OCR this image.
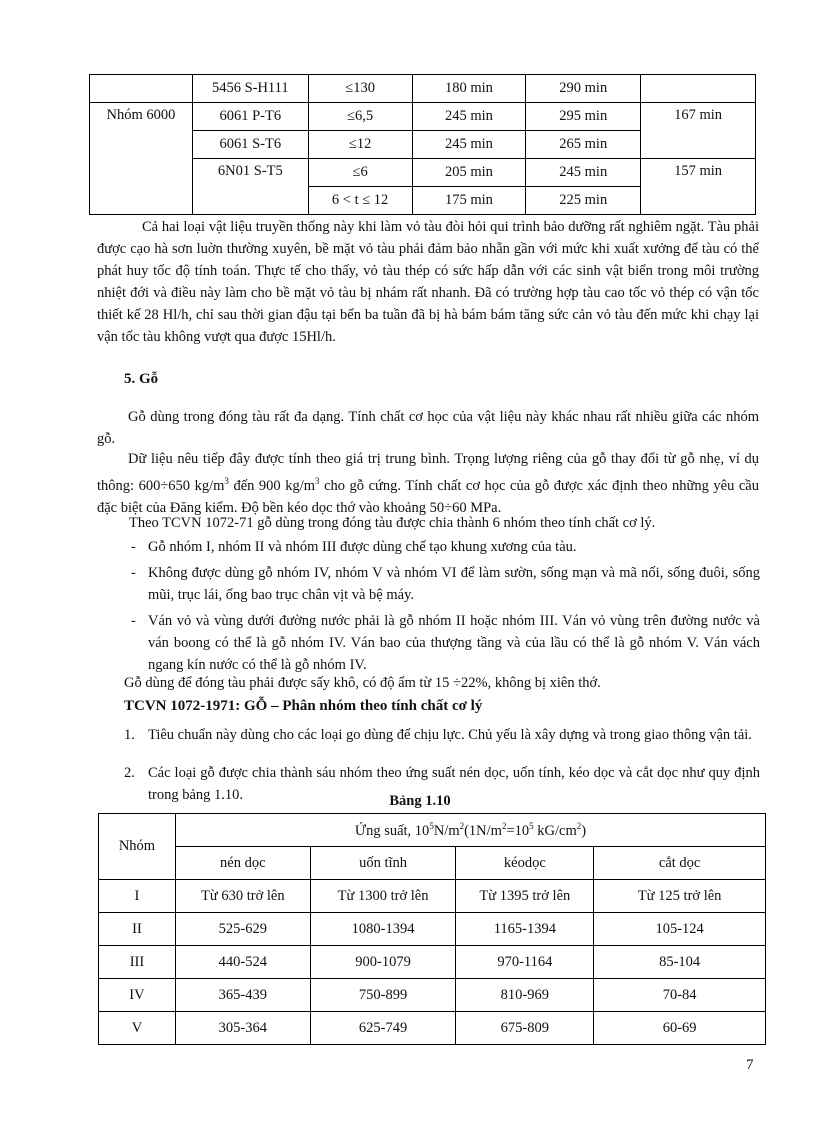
	5456 S-H111	≤130	180 min	290 min	
Nhóm 6000	6061 P-T6	≤6,5	245 min	295 min	167 min
	6061 S-T6	≤12	245 min	265 min	
	6N01 S-T5	≤6	205 min	245 min	157 min
		6 < t ≤ 12	175 min	225 min	

Cả hai loại vật liệu truyền thống này khi làm vỏ tàu đòi hỏi qui trình bảo dưỡng rất nghiêm ngặt. Tàu phải được cạo hà sơn luờn thường xuyên, bề mặt vỏ tàu phải đảm bảo nhẵn gần với mức khi xuất xưởng để tàu có thể phát huy tốc độ tính toán. Thực tế cho thấy, vỏ tàu thép có sức hấp dẫn với các sinh vật biển trong môi trường nhiệt đới và điều này làm cho bề mặt vỏ tàu bị nhám rất nhanh. Đã có trường hợp tàu cao tốc vỏ thép có vận tốc thiết kế 28 Hl/h, chỉ sau thời gian đậu tại bến ba tuần đã bị hà bám bám tăng sức cản vỏ tàu đến mức khi chạy lại vận tốc tàu không vượt qua được 15Hl/h.

5. Gỗ

Gỗ dùng trong đóng tàu rất đa dạng. Tính chất cơ học của vật liệu này khác nhau rất nhiều giữa các nhóm gỗ.

Dữ liệu nêu tiếp đây được tính theo giá trị trung bình. Trọng lượng riêng của gỗ thay đổi từ gỗ nhẹ, ví dụ thông: 600÷650 $kg/m^3$ đến 900 $kg/m^3$ cho gỗ cứng. Tính chất cơ học của gỗ được xác định theo những yêu cầu đặc biệt của Đăng kiểm. Độ bền kéo dọc thớ vào khoảng 50÷60 MPa.

Theo TCVN 1072-71 gỗ dùng trong đóng tàu được chia thành 6 nhóm theo tính chất cơ lý.

- Gỗ nhóm I, nhóm II và nhóm III được dùng chế tạo khung xương của tàu.

- Không được dùng gỗ nhóm IV, nhóm V và nhóm VI để làm sườn, sống mạn và mã nối, sống đuôi, sống mũi, trục lái, ống bao trục chân vịt và bệ máy.

- Ván vỏ và vùng dưới đường nước phải là gỗ nhóm II hoặc nhóm III. Ván vỏ vùng trên đường nước và ván boong có thể là gỗ nhóm IV. Ván bao của thượng tầng và của lầu có thể là gỗ nhóm V. Ván vách ngang kín nước có thể là gỗ nhóm IV.

Gỗ dùng để đóng tàu phải được sấy khô, có độ ẩm từ 15 ÷22%, không bị xiên thớ.

TCVN 1072-1971: GỖ – Phân nhóm theo tính chất cơ lý

1. Tiêu chuẩn này dùng cho các loại go dùng để chịu lực. Chủ yếu là xây dựng và trong giao thông vận tải.

2. Các loại gỗ được chia thành sáu nhóm theo ứng suất nén dọc, uốn tính, kéo dọc và cắt dọc như quy định trong bảng 1.10.	Bảng 1.10
Nhóm	Ứng suất, $10^5N/m^2(1N/m^2=10^5$ $kG/cm^2$)			
	nén dọc	uốn tĩnh	kéodọc	cắt dọc
I	Từ 630 trở lên	Từ 1300 trở lên	Từ 1395 trở lên	Từ 125 trở lên
II	525-629	1080-1394	1165-1394	105-124
III	440-524	900-1079	970-1164	85-104
IV	365-439	750-899	810-969	70-84
V	305-364	625-749	675-809	60-69
7
